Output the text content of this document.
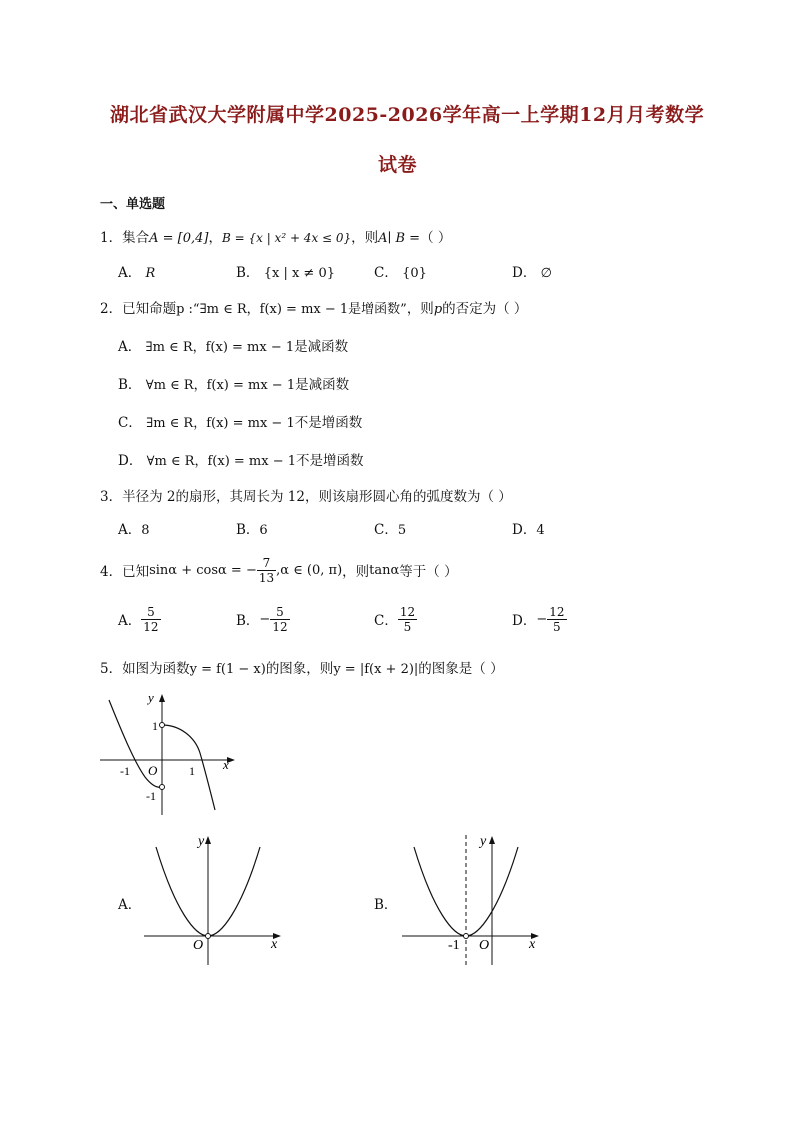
湖北省武汉大学附属中学2025-2026学年高一上学期12月月考数学
试卷
一、单选题
1．集合A = [0,4]，B = {x | x² + 4x ≤ 0}，则A∣ B =（ ）
A． R	B． {x | x ≠ 0}	C． {0}	D． ∅
2．已知命题p :“∃m ∈ R，f(x) = mx − 1是增函数”，则p的否定为（ ）
A． ∃m ∈ R，f(x) = mx − 1是减函数
B． ∀m ∈ R，f(x) = mx − 1是减函数
C． ∃m ∈ R，f(x) = mx − 1不是增函数
D． ∀m ∈ R，f(x) = mx − 1不是增函数
3．半径为 2的扇形，其周长为 12，则该扇形圆心角的弧度数为（ ）
A．8	B．6	C．5	D．4
4． 已知 sinα + cosα = − $\frac{7}{13} ,\alpha$ ∈ (0, π) ，则 tanα 等于（ ）
A． $\frac{5}{12}$	B． − $\frac{5}{12}$	C． $\frac{12}{5}$	D． − $\frac{12}{5}$
5．如图为函数y = f(1 − x)的图象，则y = |f(x + 2)|的图象是（ ）
y
x
O
1
-1	1
-1
A．
y
x
O
B．
y
x
O
-1
